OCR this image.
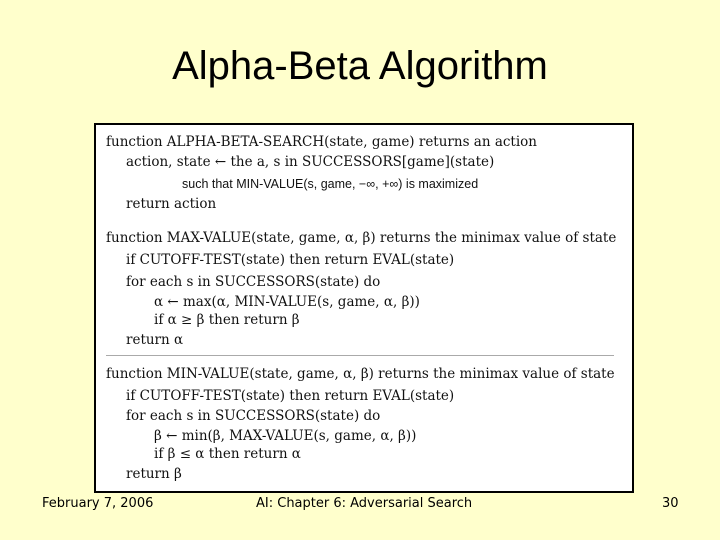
Alpha-Beta Algorithm
function ALPHA-BETA-SEARCH(state, game) returns an action
action, state ← the a, s in SUCCESSORS[game](state)
such that MIN-VALUE(s, game, −∞, +∞) is maximized
return action
function MAX-VALUE(state, game, α, β) returns the minimax value of state
if CUTOFF-TEST(state) then return EVAL(state)
for each s in SUCCESSORS(state) do
α ← max(α, MIN-VALUE(s, game, α, β))
if α ≥ β then return β
return α
function MIN-VALUE(state, game, α, β) returns the minimax value of state
if CUTOFF-TEST(state) then return EVAL(state)
for each s in SUCCESSORS(state) do
β ← min(β, MAX-VALUE(s, game, α, β))
if β ≤ α then return α
return β
February 7, 2006	AI: Chapter 6: Adversarial Search	30
